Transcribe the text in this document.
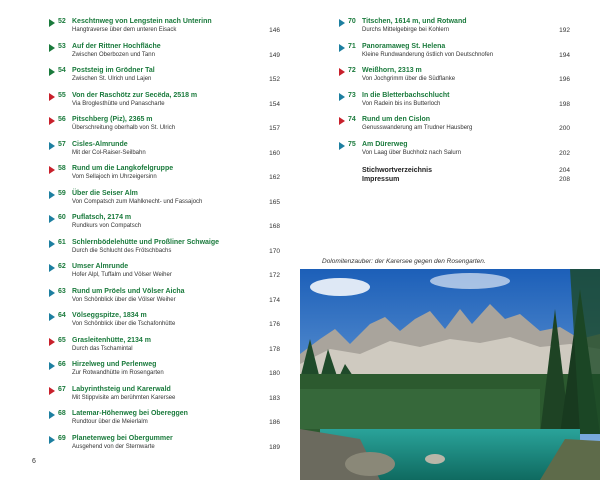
52 Keschtnweg von Lengstein nach Unterinn
Hangtraverse über dem unteren Eisack	146
53 Auf der Rittner Hochfläche
Zwischen Oberbozen und Tann	149
54 Poststeig im Grödner Tal
Zwischen St. Ulrich und Lajen	152
55 Von der Raschötz zur Secëda, 2518 m
Via Broglesthütte und Panascharte	154
56 Pitschberg (Piz), 2365 m
Überschreitung oberhalb von St. Ulrich	157
57 Cisles-Almrunde
Mit der Col-Raiser-Seilbahn	160
58 Rund um die Langkofelgruppe
Vom Sellajoch im Uhrzeigersinn	162
59 Über die Seiser Alm
Von Compatsch zum Mahlknecht- und Fassajoch	165
60 Puflatsch, 2174 m
Rundkurs von Compatsch	168
61 Schlernbödelehütte und Proßliner Schwaige
Durch die Schlucht des Frötschbachs	170
62 Umser Almrunde
Hofer Alpl, Tuffalm und Völser Weiher	172
63 Rund um Pröels und Völser Aicha
Von Schönblick über die Völser Weiher	174
64 Völseggspitze, 1834 m
Von Schönblick über die Tschafonhütte	176
65 Grasleitenhütte, 2134 m
Durch das Tschamintal	178
66 Hirzelweg und Perlenweg
Zur Rotwandhütte im Rosengarten	180
67 Labyrinthsteig und Karerwald
Mit Stippvisite am berühmten Karersee	183
68 Latemar-Höhenweg bei Obereggen
Rundtour über die Meierlalm	186
69 Planetenweg bei Obergummer
Ausgehend von der Sternwarte	189
70 Titschen, 1614 m, und Rotwand
Durchs Mittelgebirge bei Kohlern	192
71 Panoramaweg St. Helena
Kleine Rundwanderung östlich von Deutschnofen	194
72 Weißhorn, 2313 m
Von Jochgrimm über die Südflanke	196
73 In die Bletterbachschlucht
Von Radein bis ins Butterloch	198
74 Rund um den Cislon
Genusswanderung am Trudner Hausberg	200
75 Am Dürerweg
Von Laag über Buchholz nach Salurn	202
Stichwortverzeichnis	204
Impressum	208
Dolomitenzauber: der Karersee gegen den Rosengarten.
6
